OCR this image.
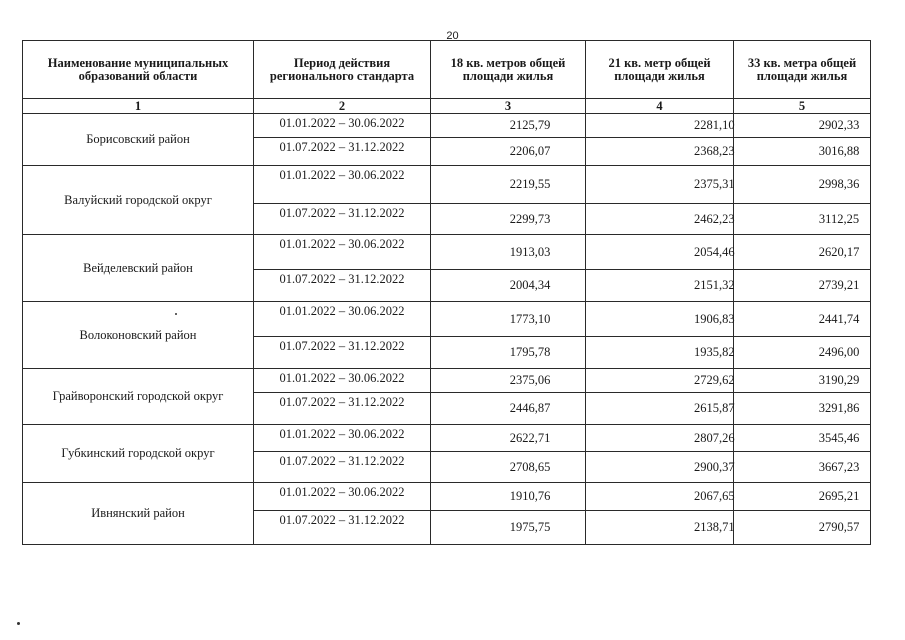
20
Наименование муниципальных образований области	Период действия регионального стандарта	18 кв. метров общей площади жилья	21 кв. метр общей площади жилья	33 кв. метра общей площади жилья
1	2	3	4	5
Борисовский район	01.01.2022 – 30.06.2022	2125,79	2281,10	2902,33
	01.07.2022 – 31.12.2022	2206,07	2368,23	3016,88
Валуйский городской округ	01.01.2022 – 30.06.2022	2219,55	2375,31	2998,36
	01.07.2022 – 31.12.2022	2299,73	2462,23	3112,25
Вейделевский район	01.01.2022 – 30.06.2022	1913,03	2054,46	2620,17
	01.07.2022 – 31.12.2022	2004,34	2151,32	2739,21
Волоконовский район	01.01.2022 – 30.06.2022	1773,10	1906,83	2441,74
	01.07.2022 – 31.12.2022	1795,78	1935,82	2496,00
Грайворонский городской округ	01.01.2022 – 30.06.2022	2375,06	2729,62	3190,29
	01.07.2022 – 31.12.2022	2446,87	2615,87	3291,86
Губкинский городской округ	01.01.2022 – 30.06.2022	2622,71	2807,26	3545,46
	01.07.2022 – 31.12.2022	2708,65	2900,37	3667,23
Ивнянский район	01.01.2022 – 30.06.2022	1910,76	2067,65	2695,21
	01.07.2022 – 31.12.2022	1975,75	2138,71	2790,57
